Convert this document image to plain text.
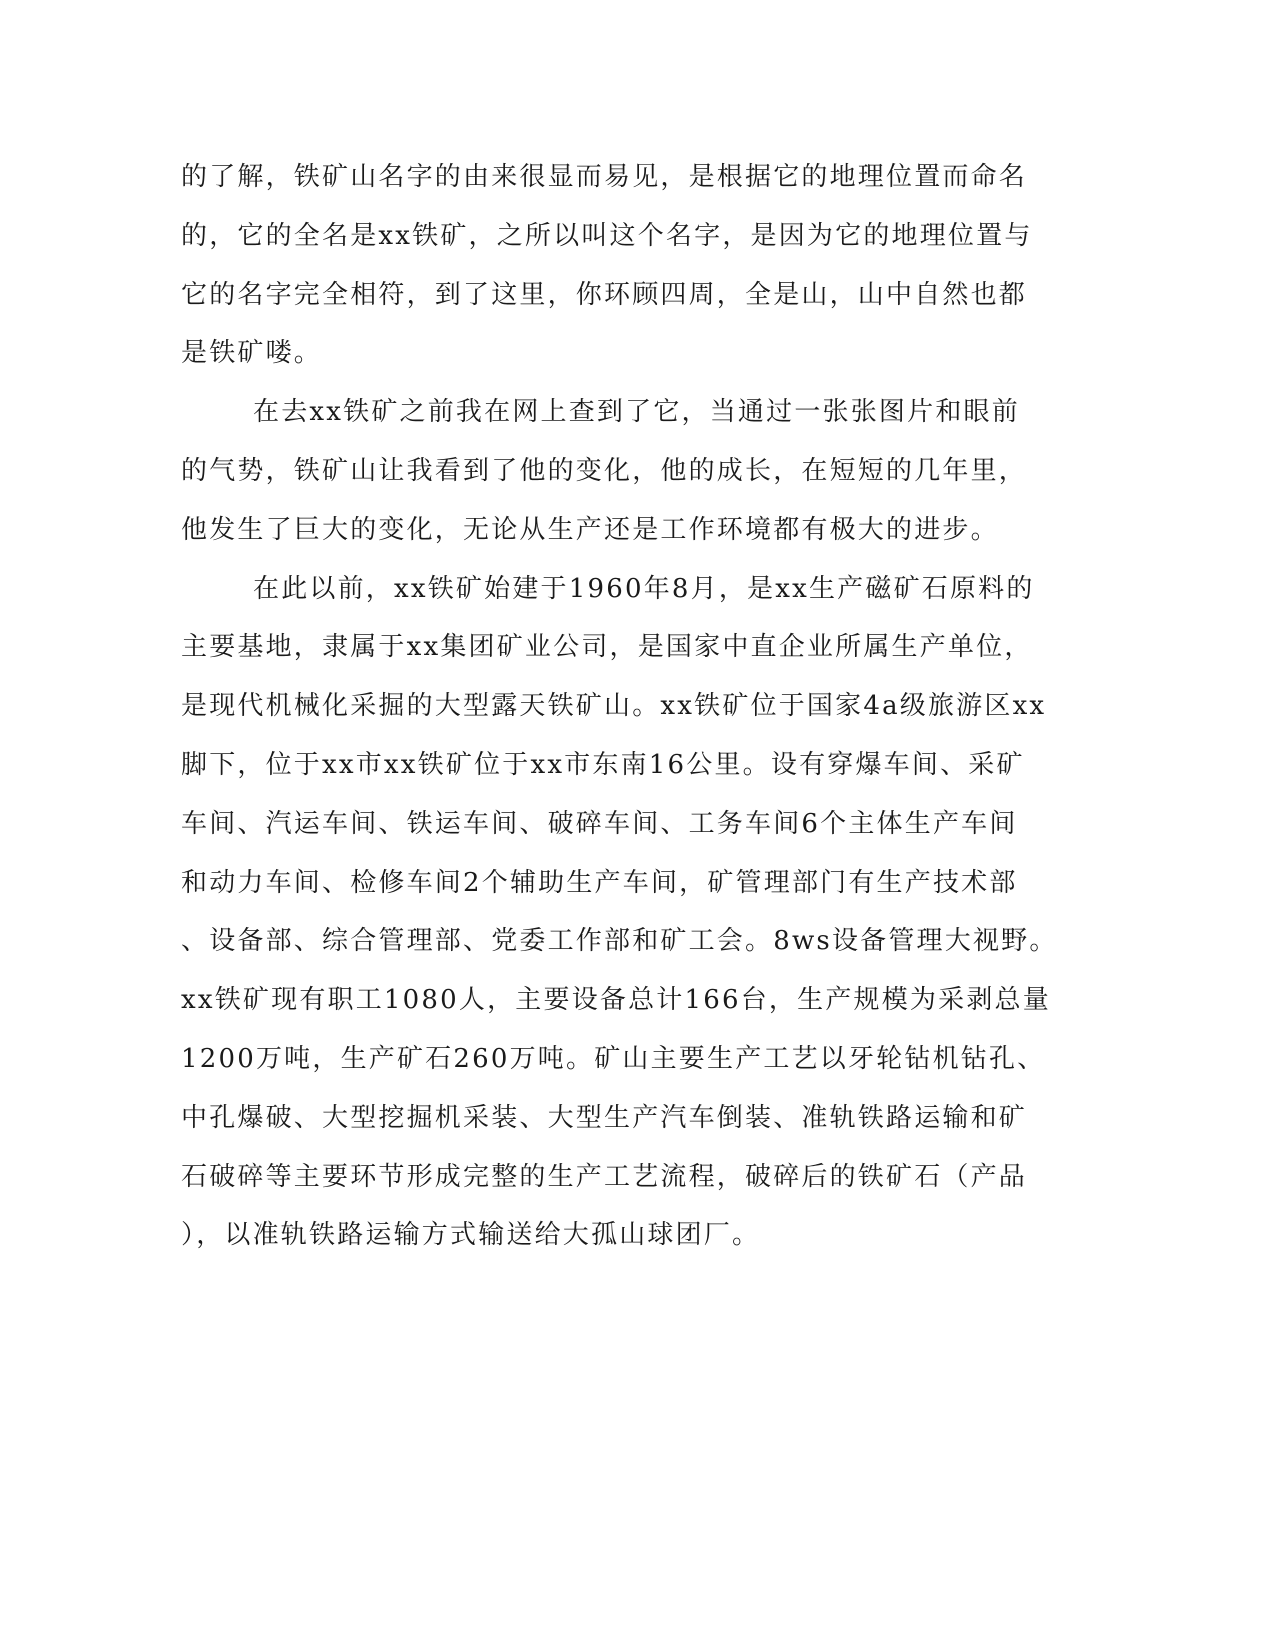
的了解，铁矿山名字的由来很显而易见，是根据它的地理位置而命名
的，它的全名是xx铁矿，之所以叫这个名字，是因为它的地理位置与
它的名字完全相符，到了这里，你环顾四周，全是山，山中自然也都
是铁矿喽。

在去xx铁矿之前我在网上查到了它，当通过一张张图片和眼前
的气势，铁矿山让我看到了他的变化，他的成长，在短短的几年里，
他发生了巨大的变化，无论从生产还是工作环境都有极大的进步。

在此以前，xx铁矿始建于1960年8月，是xx生产磁矿石原料的
主要基地，隶属于xx集团矿业公司，是国家中直企业所属生产单位，
是现代机械化采掘的大型露天铁矿山。xx铁矿位于国家4a级旅游区xx
脚下，位于xx市xx铁矿位于xx市东南16公里。设有穿爆车间、采矿
车间、汽运车间、铁运车间、破碎车间、工务车间6个主体生产车间
和动力车间、检修车间2个辅助生产车间，矿管理部门有生产技术部
、设备部、综合管理部、党委工作部和矿工会。8ws设备管理大视野。
xx铁矿现有职工1080人，主要设备总计166台，生产规模为采剥总量
1200万吨，生产矿石260万吨。矿山主要生产工艺以牙轮钻机钻孔、
中孔爆破、大型挖掘机采装、大型生产汽车倒装、准轨铁路运输和矿
石破碎等主要环节形成完整的生产工艺流程，破碎后的铁矿石（产品
），以准轨铁路运输方式输送给大孤山球团厂。
